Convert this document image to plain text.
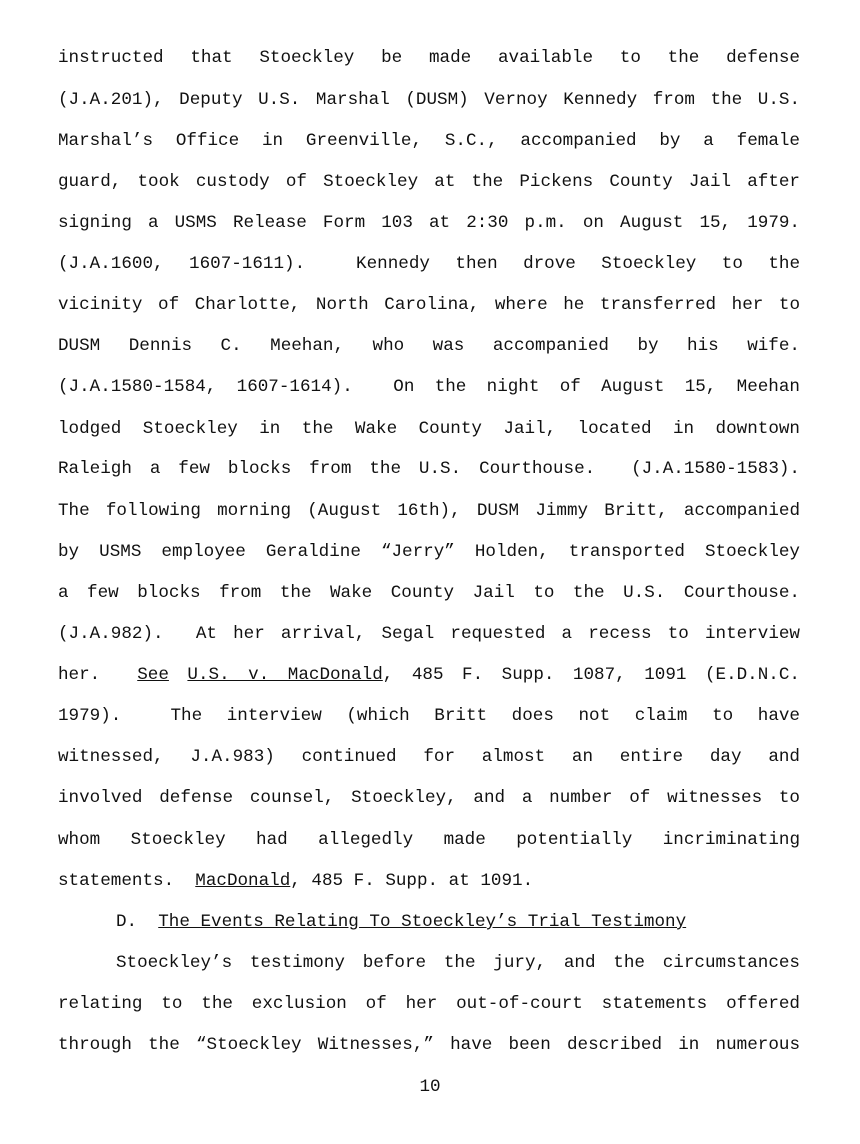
instructed that Stoeckley be made available to the defense
(J.A.201), Deputy U.S. Marshal (DUSM) Vernoy Kennedy from the U.S.
Marshal’s Office in Greenville, S.C., accompanied by a female
guard, took custody of Stoeckley at the Pickens County Jail after
signing a USMS Release Form 103 at 2:30 p.m. on August 15, 1979.
(J.A.1600, 1607-1611).  Kennedy then drove Stoeckley to the
vicinity of Charlotte, North Carolina, where he transferred her to
DUSM Dennis C. Meehan, who was accompanied by his wife.
(J.A.1580-1584, 1607-1614).  On the night of August 15, Meehan
lodged Stoeckley in the Wake County Jail, located in downtown
Raleigh a few blocks from the U.S. Courthouse.  (J.A.1580-1583).
The following morning (August 16th), DUSM Jimmy Britt, accompanied
by USMS employee Geraldine “Jerry” Holden, transported Stoeckley
a few blocks from the Wake County Jail to the U.S. Courthouse.
(J.A.982).  At her arrival, Segal requested a recess to interview
her.  See U.S. v. MacDonald, 485 F. Supp. 1087, 1091 (E.D.N.C.
1979).  The interview (which Britt does not claim to have
witnessed, J.A.983) continued for almost an entire day and
involved defense counsel, Stoeckley, and a number of witnesses to
whom Stoeckley had allegedly made potentially incriminating
statements.  MacDonald, 485 F. Supp. at 1091.
D.  The Events Relating To Stoeckley’s Trial Testimony
Stoeckley’s testimony before the jury, and the circumstances
relating to the exclusion of her out-of-court statements offered
through the “Stoeckley Witnesses,” have been described in numerous
10
